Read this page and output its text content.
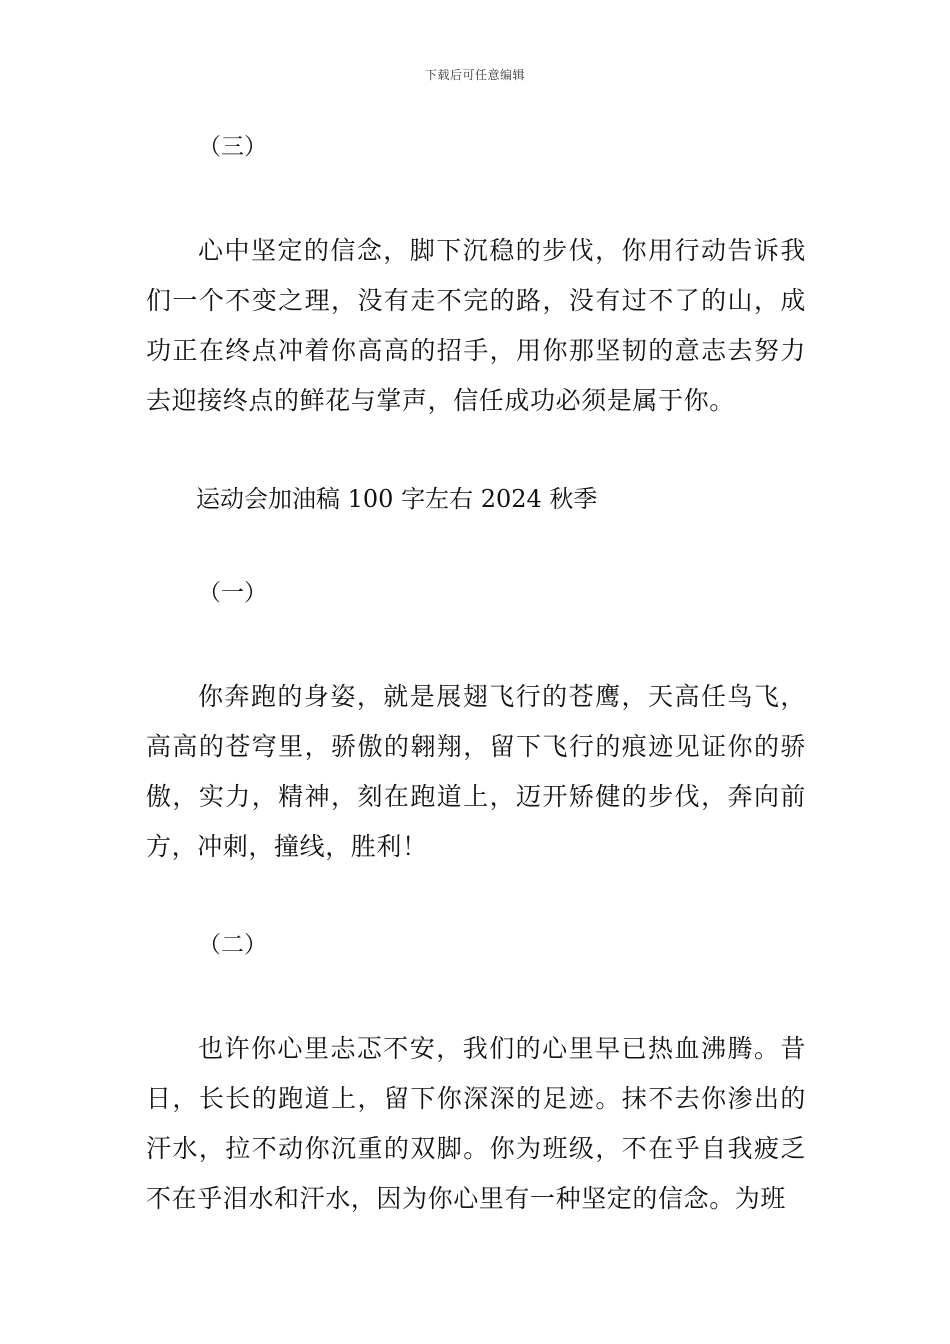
下载后可任意编辑

（三）

心中坚定的信念，脚下沉稳的步伐，你用行动告诉我们一个不变之理，没有走不完的路，没有过不了的山，成功正在终点冲着你高高的招手，用你那坚韧的意志去努力去迎接终点的鲜花与掌声，信任成功必须是属于你。

运动会加油稿 100 字左右 2024 秋季

（一）

你奔跑的身姿，就是展翅飞行的苍鹰，天高任鸟飞，高高的苍穹里，骄傲的翱翔，留下飞行的痕迹见证你的骄傲，实力，精神，刻在跑道上，迈开矫健的步伐，奔向前方，冲刺，撞线，胜利！

（二）

也许你心里忐忑不安，我们的心里早已热血沸腾。昔日，长长的跑道上，留下你深深的足迹。抹不去你渗出的汗水，拉不动你沉重的双脚。你为班级，不在乎自我疲乏不在乎泪水和汗水，因为你心里有一种坚定的信念。为班
